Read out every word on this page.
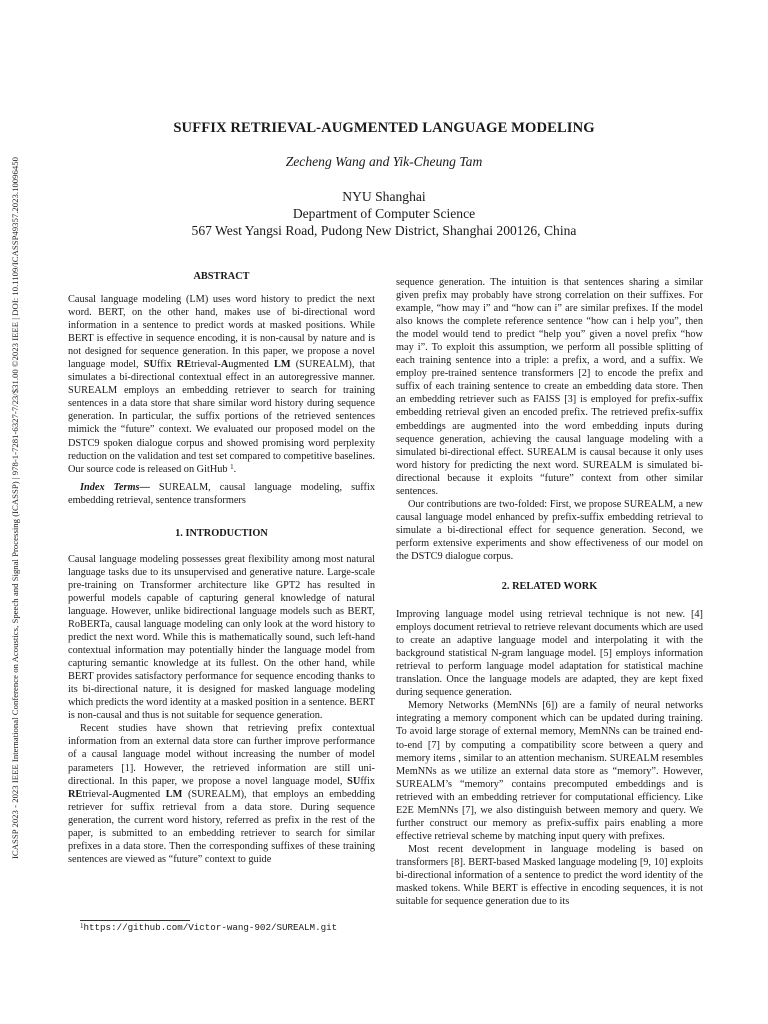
ICASSP 2023 - 2023 IEEE International Conference on Acoustics, Speech and Signal Processing (ICASSP) | 978-1-7281-6327-7/23/$31.00 ©2023 IEEE | DOI: 10.1109/ICASSP49357.2023.10096450
SUFFIX RETRIEVAL-AUGMENTED LANGUAGE MODELING
Zecheng Wang and Yik-Cheung Tam
NYU Shanghai
Department of Computer Science
567 West Yangsi Road, Pudong New District, Shanghai 200126, China
ABSTRACT

Causal language modeling (LM) uses word history to predict the next word. BERT, on the other hand, makes use of bi-directional word information in a sentence to predict words at masked positions. While BERT is effective in sequence encoding, it is non-causal by nature and is not designed for sequence generation. In this paper, we propose a novel language model, SUffix REtrieval-Augmented LM (SUREALM), that simulates a bi-directional contextual effect in an autoregressive manner. SUREALM employs an embedding retriever to search for training sentences in a data store that share similar word history during sequence generation. In particular, the suffix portions of the retrieved sentences mimick the “future” context. We evaluated our proposed model on the DSTC9 spoken dialogue corpus and showed promising word perplexity reduction on the validation and test set compared to competitive baselines. Our source code is released on GitHub $^1$.

Index Terms— SUREALM, causal language modeling, suffix embedding retrieval, sentence transformers

1. INTRODUCTION

Causal language modeling possesses great flexibility among most natural language tasks due to its unsupervised and generative nature. Large-scale pre-training on Transformer architecture like GPT2 has resulted in powerful models capable of capturing general knowledge of natural language. However, unlike bidirectional language models such as BERT, RoBERTa, causal language modeling can only look at the word history to predict the next word. While this is mathematically sound, such left-hand contextual information may potentially hinder the language model from capturing semantic knowledge at its fullest. On the other hand, while BERT provides satisfactory performance for sequence encoding thanks to its bi-directional nature, it is designed for masked language modeling which predicts the word identity at a masked position in a sentence. BERT is non-causal and thus is not suitable for sequence generation.

Recent studies have shown that retrieving prefix contextual information from an external data store can further improve performance of a causal language model without increasing the number of model parameters [1]. However, the retrieved information are still uni-directional. In this paper, we propose a novel language model, SUffix REtrieval-Augmented LM (SUREALM), that employs an embedding retriever for suffix retrieval from a data store. During sequence generation, the current word history, referred as prefix in the rest of the paper, is submitted to an embedding retriever to search for similar prefixes in a data store. Then the corresponding suffixes of these training sentences are viewed as “future” context to guide

sequence generation. The intuition is that sentences sharing a similar given prefix may probably have strong correlation on their suffixes. For example, “how may i” and “how can i” are similar prefixes. If the model also knows the complete reference sentence “how can i help you”, then the model would tend to predict “help you” given a novel prefix “how may i”. To exploit this assumption, we perform all possible splitting of each training sentence into a triple: a prefix, a word, and a suffix. We employ pre-trained sentence transformers [2] to encode the prefix and suffix of each training sentence to create an embedding data store. Then an embedding retriever such as FAISS [3] is employed for prefix-suffix embedding retrieval given an encoded prefix. The retrieved prefix-suffix embeddings are augmented into the word embedding inputs during sequence generation, achieving the causal language modeling with a simulated bi-directional effect. SUREALM is causal because it only uses word history for predicting the next word. SUREALM is simulated bi-directional because it exploits “future” context from other similar sentences.

Our contributions are two-folded: First, we propose SUREALM, a new causal language model enhanced by prefix-suffix embedding retrieval to simulate a bi-directional effect for sequence generation. Second, we perform extensive experiments and show effectiveness of our model on the DSTC9 dialogue corpus.

2. RELATED WORK

Improving language model using retrieval technique is not new. [4] employs document retrieval to retrieve relevant documents which are used to create an adaptive language model and interpolating it with the background statistical N-gram language model. [5] employs information retrieval to perform language model adaptation for statistical machine translation. Once the language models are adapted, they are kept fixed during sequence generation.

Memory Networks (MemNNs [6]) are a family of neural networks integrating a memory component which can be updated during training. To avoid large storage of external memory, MemNNs can be trained end-to-end [7] by computing a compatibility score between a query and memory items , similar to an attention mechanism. SUREALM resembles MemNNs as we utilize an external data store as “memory”. However, SUREALM’s “memory” contains precomputed embeddings and is retrieved with an embedding retriever for computational efficiency. Like E2E MemNNs [7], we also distinguish between memory and query. We further construct our memory as prefix-suffix pairs enabling a more effective retrieval scheme by matching input query with prefixes.

Most recent development in language modeling is based on transformers [8]. BERT-based Masked language modeling [9, 10] exploits bi-directional information of a sentence to predict the word identity of the masked tokens. While BERT is effective in encoding sequences, it is not suitable for sequence generation due to its

$^1$https://github.com/Victor-wang-902/SUREALM.git
